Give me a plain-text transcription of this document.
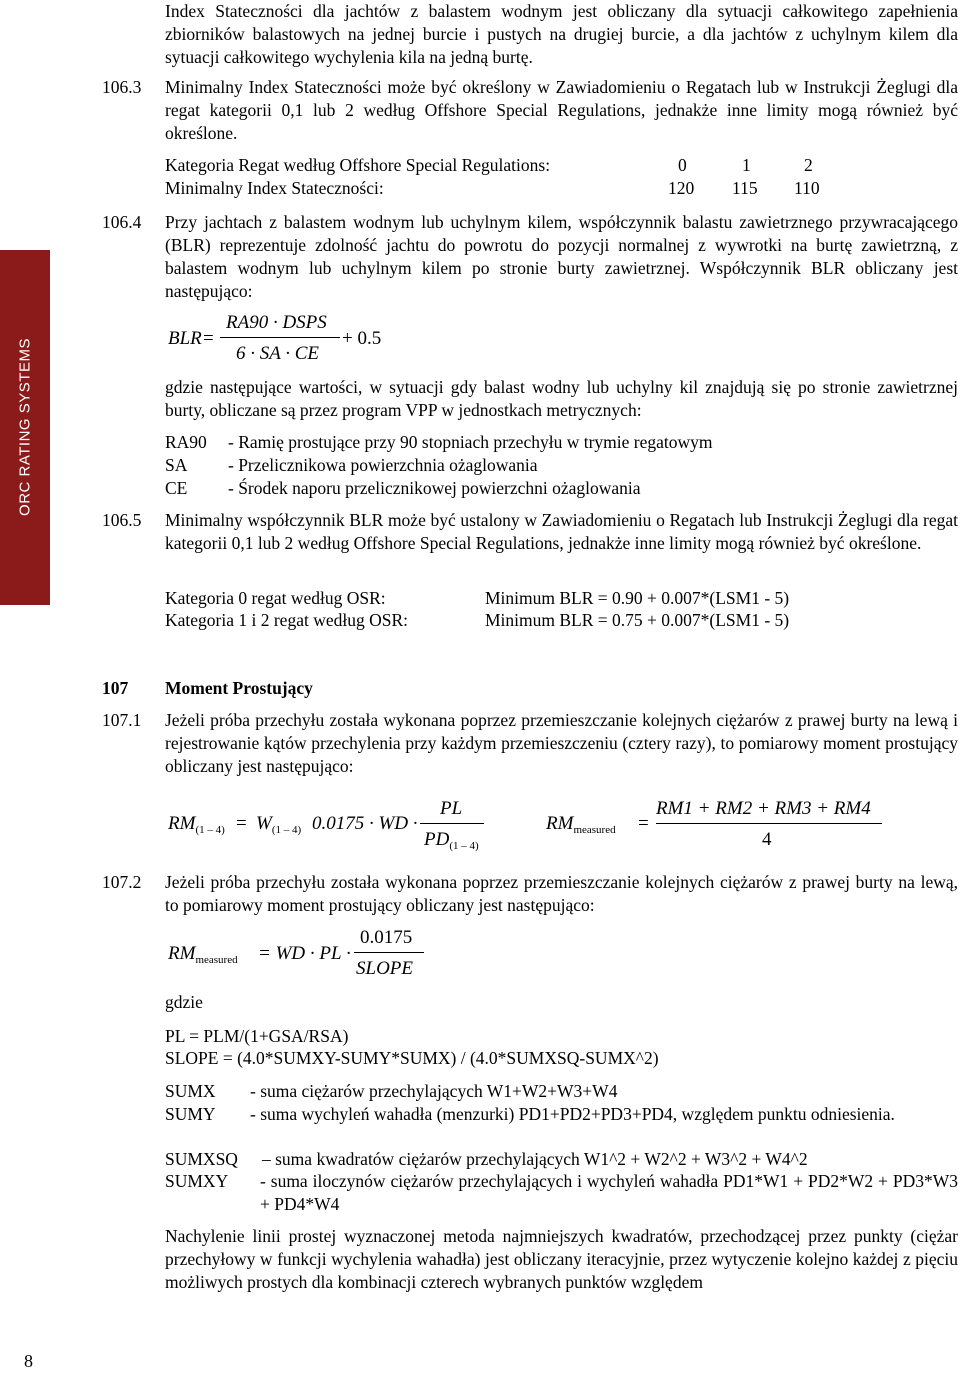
ORC RATING SYSTEMS
Index Stateczności dla jachtów z balastem wodnym jest obliczany dla sytuacji całkowitego zapełnienia zbiorników balastowych na jednej burcie i pustych na drugiej burcie, a dla jachtów z uchylnym kilem dla sytuacji całkowitego wychylenia kila na jedną burtę.
106.3 Minimalny Index Stateczności może być określony w Zawiadomieniu o Regatach lub w Instrukcji Żeglugi dla regat kategorii 0,1 lub 2 według Offshore Special Regulations, jednakże inne limity mogą również być określone.
Kategoria Regat według Offshore Special Regulations:	0	1	2
Minimalny Index Stateczności:	120 115 110
106.4 Przy jachtach z balastem wodnym lub uchylnym kilem, współczynnik balastu zawietrznego przywracającego (BLR) reprezentuje zdolność jachtu do powrotu do pozycji normalnej z wywrotki na burtę zawietrzną, z balastem wodnym lub uchylnym kilem po stronie burty zawietrznej. Współczynnik BLR obliczany jest następująco:
BLR=
RA90 · DSPS
6 · SA · CE
+ 0.5
gdzie następujące wartości, w sytuacji gdy balast wodny lub uchylny kil znajdują się po stronie zawietrznej burty, obliczane są przez program VPP w jednostkach metrycznych:
RA90 - Ramię prostujące przy 90 stopniach przechyłu w trymie regatowym
SA - Przelicznikowa powierzchnia ożaglowania
CE - Środek naporu przelicznikowej powierzchni ożaglowania
106.5 Minimalny współczynnik BLR może być ustalony w Zawiadomieniu o Regatach lub Instrukcji Żeglugi dla regat kategorii 0,1 lub 2 według Offshore Special Regulations, jednakże inne limity mogą również być określone.
Kategoria 0 regat według OSR:	Minimum BLR = 0.90 + 0.007*(LSM1 - 5)
Kategoria 1 i 2 regat według OSR:	Minimum BLR = 0.75 + 0.007*(LSM1 - 5)
107 Moment Prostujący
107.1 Jeżeli próba przechyłu została wykonana poprzez przemieszczanie kolejnych ciężarów z prawej burty na lewą i rejestrowanie kątów przechylenia przy każdym przemieszczeniu (cztery razy), to pomiarowy moment prostujący obliczany jest następująco:
$RM_{(1 - 4)} = W_{(1 - 4)}$ 0.0175 · WD ·
PL
$PD_{(1 - 4)}$
$RM_{measured}$ =
RM1 + RM2 + RM3 + RM4
4
107.2 Jeżeli próba przechyłu została wykonana poprzez przemieszczanie kolejnych ciężarów z prawej burty na lewą, to pomiarowy moment prostujący obliczany jest następująco:
$RM_{measured}$ = WD · PL ·
0.0175
SLOPE
gdzie
PL = PLM/(1+GSA/RSA)
SLOPE = (4.0*SUMXY-SUMY*SUMX) / (4.0*SUMXSQ-SUMX^2)
SUMX - suma ciężarów przechylających W1+W2+W3+W4
SUMY - suma wychyleń wahadła (menzurki) PD1+PD2+PD3+PD4, względem punktu odniesienia.
SUMXSQ – suma kwadratów ciężarów przechylających W1^2 + W2^2 + W3^2 + W4^2
SUMXY - suma iloczynów ciężarów przechylających i wychyleń wahadła PD1*W1 + PD2*W2 + PD3*W3 + PD4*W4
Nachylenie linii prostej wyznaczonej metoda najmniejszych kwadratów, przechodzącej przez punkty (ciężar przechyłowy w funkcji wychylenia wahadła) jest obliczany iteracyjnie, przez wytyczenie kolejno każdej z pięciu możliwych prostych dla kombinacji czterech wybranych punktów względem
8
